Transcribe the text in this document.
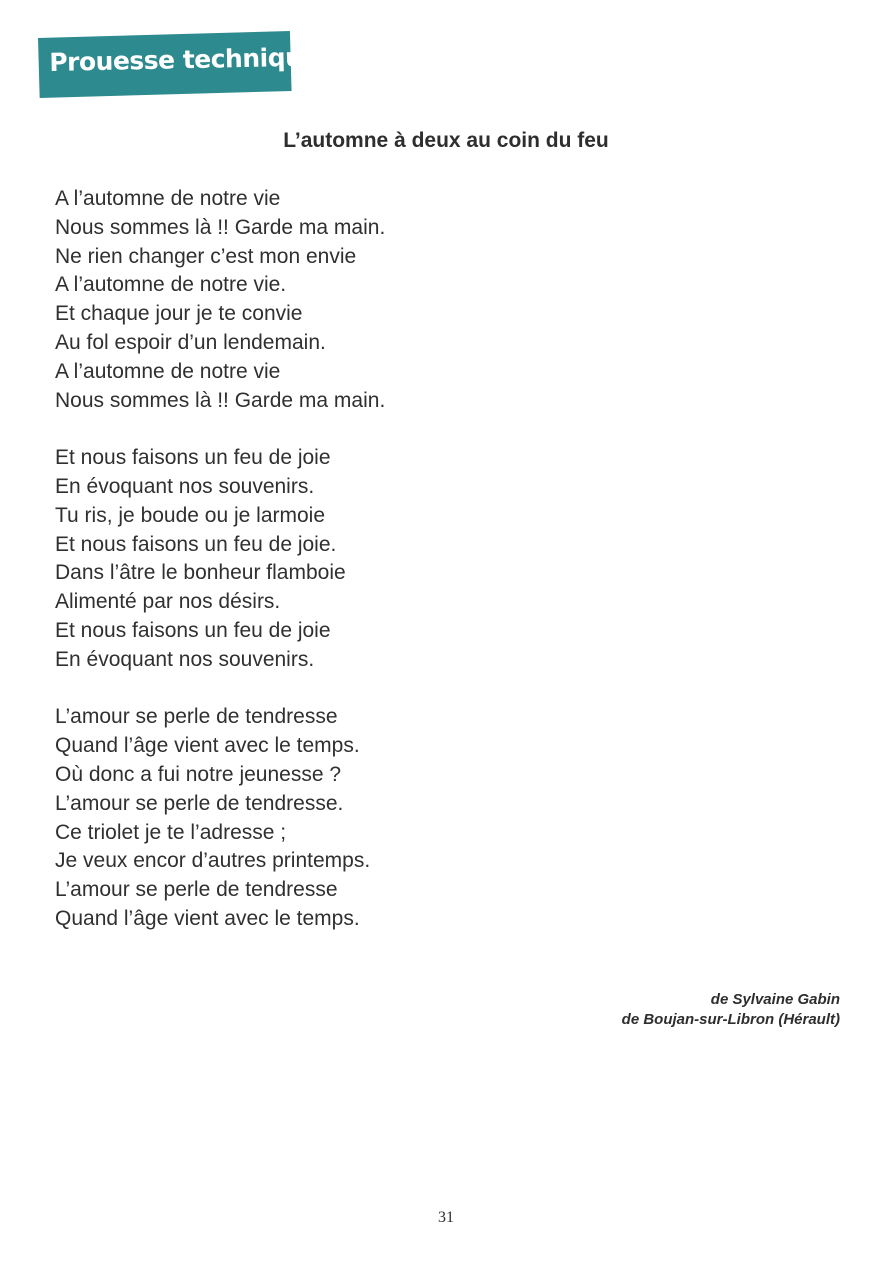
Prouesse technique
L’automne à deux au coin du feu
A l’automne de notre vie
Nous sommes là !! Garde ma main.
Ne rien changer c’est mon envie
A l’automne de notre vie.
Et chaque jour je te convie
Au fol espoir d’un lendemain.
A l’automne de notre vie
Nous sommes là !! Garde ma main.
Et nous faisons un feu de joie
En évoquant nos souvenirs.
Tu ris, je boude ou je larmoie
Et nous faisons un feu de joie.
Dans l’âtre le bonheur flamboie
Alimenté par nos désirs.
Et nous faisons un feu de joie
En évoquant nos souvenirs.
L’amour se perle de tendresse
Quand l’âge vient avec le temps.
Où donc a fui notre jeunesse ?
L’amour se perle de tendresse.
Ce triolet je te l’adresse ;
Je veux encor d’autres printemps.
L’amour se perle de tendresse
Quand l’âge vient avec le temps.
de Sylvaine Gabin
de Boujan-sur-Libron (Hérault)
31
